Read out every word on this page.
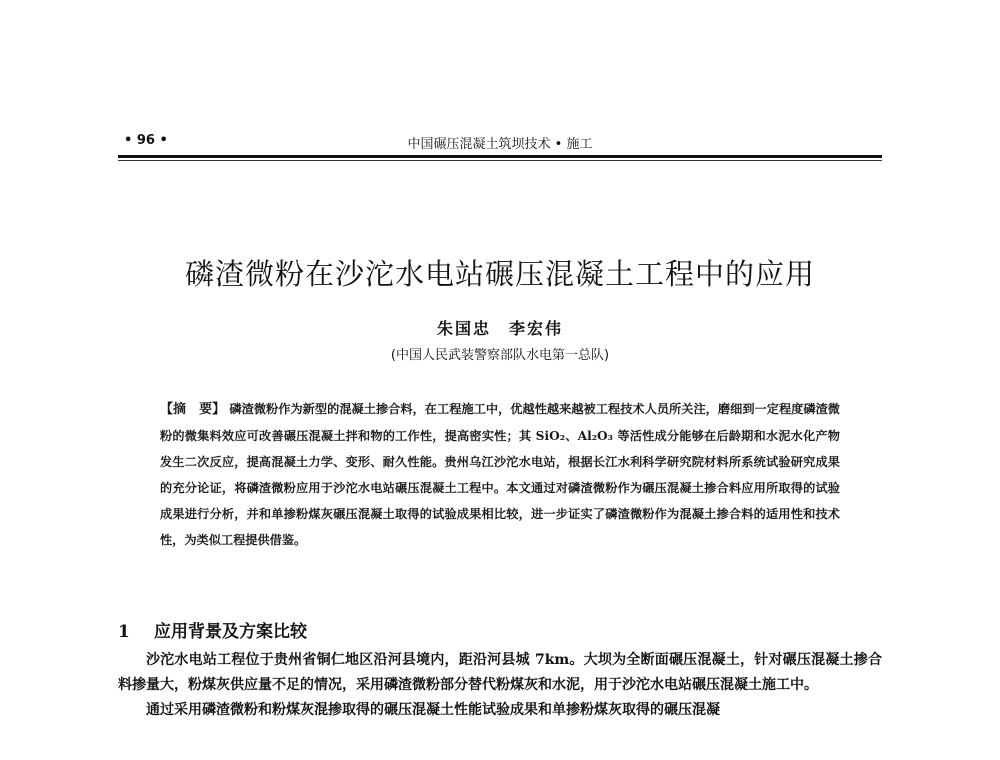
• 96 •	中国碾压混凝土筑坝技术 • 施工
磷渣微粉在沙沱水电站碾压混凝土工程中的应用
朱国忠　李宏伟
(中国人民武装警察部队水电第一总队)
【摘　要】 磷渣微粉作为新型的混凝土掺合料，在工程施工中，优越性越来越被工程技术人员所关注，磨细到一定程度磷渣微粉的微集料效应可改善碾压混凝土拌和物的工作性，提高密实性；其 SiO₂、Al₂O₃ 等活性成分能够在后龄期和水泥水化产物发生二次反应，提高混凝土力学、变形、耐久性能。贵州乌江沙沱水电站，根据长江水利科学研究院材料所系统试验研究成果的充分论证，将磷渣微粉应用于沙沱水电站碾压混凝土工程中。本文通过对磷渣微粉作为碾压混凝土掺合料应用所取得的试验成果进行分析，并和单掺粉煤灰碾压混凝土取得的试验成果相比较，进一步证实了磷渣微粉作为混凝土掺合料的适用性和技术性，为类似工程提供借鉴。
1 应用背景及方案比较

沙沱水电站工程位于贵州省铜仁地区沿河县境内，距沿河县城 7km。大坝为全断面碾压混凝土，针对碾压混凝土掺合料掺量大，粉煤灰供应量不足的情况，采用磷渣微粉部分替代粉煤灰和水泥，用于沙沱水电站碾压混凝土施工中。

通过采用磷渣微粉和粉煤灰混掺取得的碾压混凝土性能试验成果和单掺粉煤灰取得的碾压混凝
